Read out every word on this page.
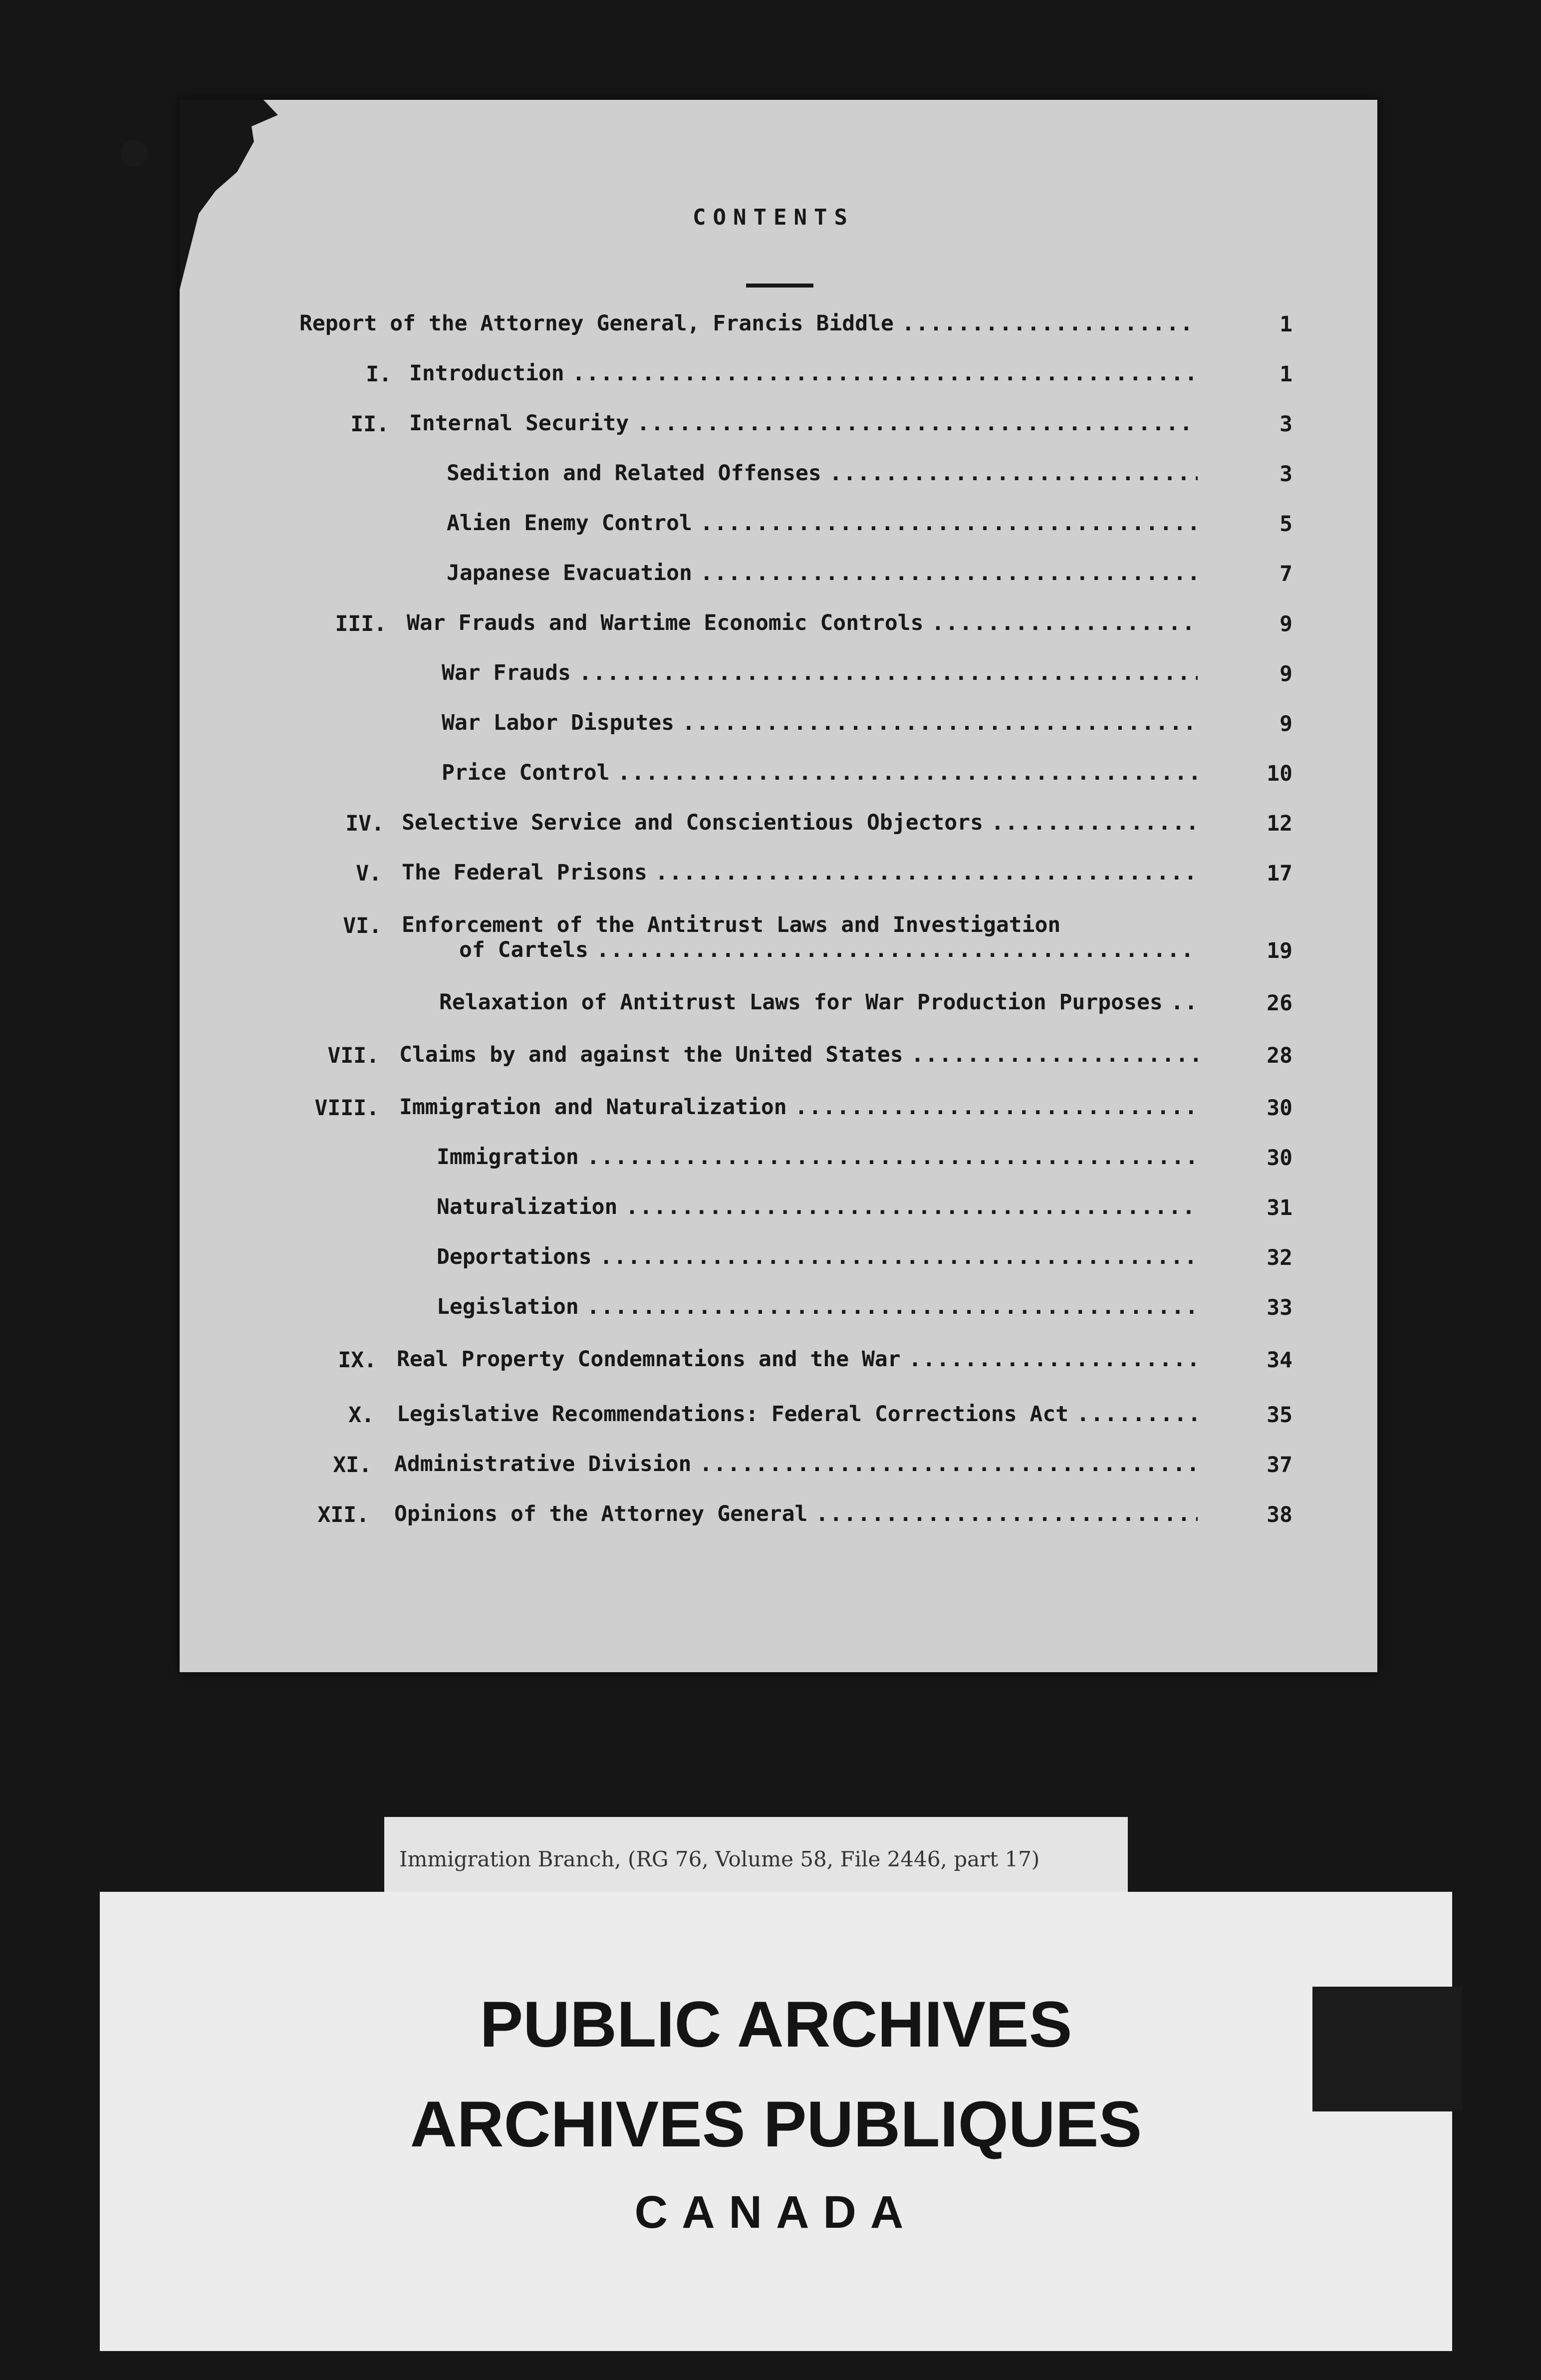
CONTENTS
Report of the Attorney General, Francis Biddle .....	1
I. Introduction .....	1
II. Internal Security .....	3
Sedition and Related Offenses .....	3
Alien Enemy Control .....	5
Japanese Evacuation .....	7
III. War Frauds and Wartime Economic Controls .....	9
War Frauds .....	9
War Labor Disputes .....	9
Price Control .....	10
IV. Selective Service and Conscientious Objectors .....	12
V. The Federal Prisons .....	17
VI. Enforcement of the Antitrust Laws and Investigation
of Cartels .....	19
Relaxation of Antitrust Laws for War Production Purposes .....	26
VII. Claims by and against the United States .....	28
VIII. Immigration and Naturalization .....	30
Immigration .....	30
Naturalization .....	31
Deportations .....	32
Legislation .....	33
IX. Real Property Condemnations and the War .....	34
X. Legislative Recommendations: Federal Corrections Act .....	35
XI. Administrative Division .....	37
XII. Opinions of the Attorney General .....	38
Immigration Branch, (RG 76, Volume 58, File 2446, part 17)
PUBLIC ARCHIVES
ARCHIVES PUBLIQUES
CANADA
